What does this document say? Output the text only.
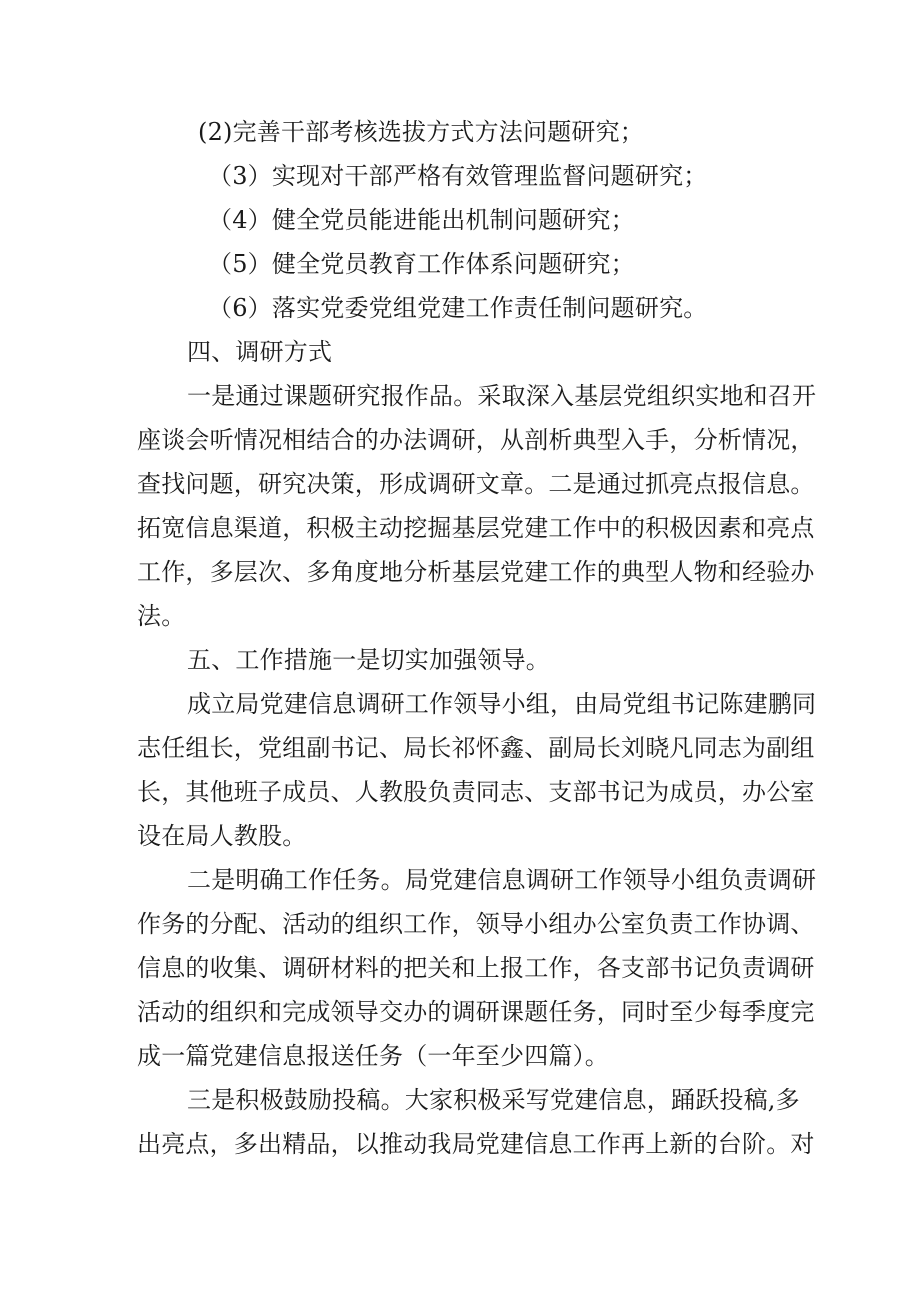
(2)完善干部考核选拔方式方法问题研究；
（3）实现对干部严格有效管理监督问题研究；
（4）健全党员能进能出机制问题研究；
（5）健全党员教育工作体系问题研究；
（6）落实党委党组党建工作责任制问题研究。
四、调研方式
一是通过课题研究报作品。采取深入基层党组织实地和召开
座谈会听情况相结合的办法调研，从剖析典型入手，分析情况，
查找问题，研究决策，形成调研文章。二是通过抓亮点报信息。
拓宽信息渠道，积极主动挖掘基层党建工作中的积极因素和亮点
工作，多层次、多角度地分析基层党建工作的典型人物和经验办
法。
五、工作措施一是切实加强领导。
成立局党建信息调研工作领导小组，由局党组书记陈建鹏同
志任组长，党组副书记、局长祁怀鑫、副局长刘晓凡同志为副组
长，其他班子成员、人教股负责同志、支部书记为成员，办公室
设在局人教股。
二是明确工作任务。局党建信息调研工作领导小组负责调研
作务的分配、活动的组织工作，领导小组办公室负责工作协调、
信息的收集、调研材料的把关和上报工作，各支部书记负责调研
活动的组织和完成领导交办的调研课题任务，同时至少每季度完
成一篇党建信息报送任务（一年至少四篇）。
三是积极鼓励投稿。大家积极采写党建信息，踊跃投稿,多
出亮点，多出精品，以推动我局党建信息工作再上新的台阶。对
